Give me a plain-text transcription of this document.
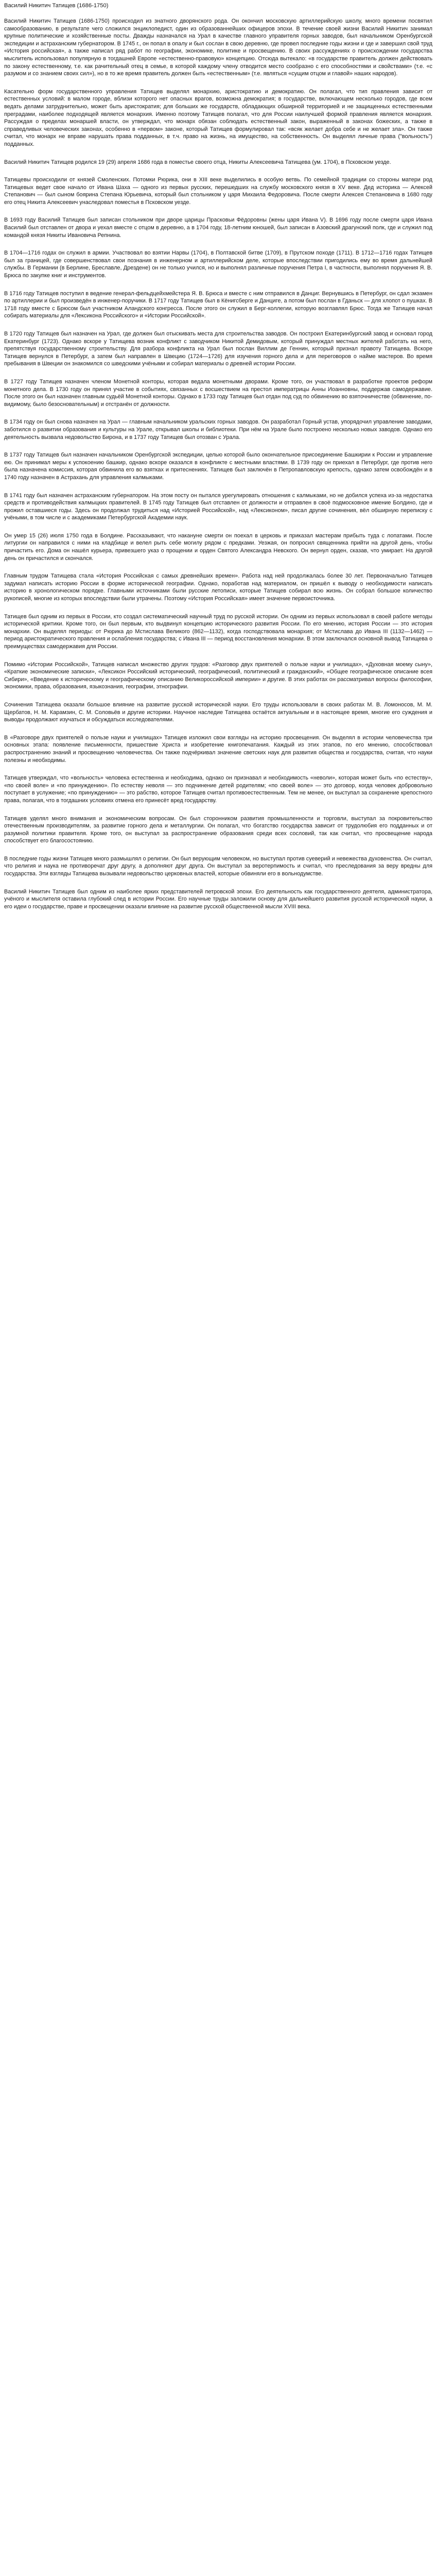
Василий Никитич Татищев (1686-1750)

Василий Никитич Татищев (1686-1750) происходил из знатного дворянского рода. Он окончил московскую артиллерийскую школу, много времени посвятил самообразованию, в результате чего сложился энциклопедист, один из образованнейших офицеров эпохи. В течение своей жизни Василий Никитич занимал крупные политические и хозяйственные посты. Дважды назначался на Урал в качестве главного управителя горных заводов, был начальником Оренбургской экспедиции и астраханским губернатором. В 1745 г., он попал в опалу и был сослан в свою деревню, где провел последние годы жизни и где и завершил свой труд «История российская», а также написал ряд работ по географии, экономике, политике и просвещению. В своих рассуждениях о происхождении государства мыслитель использовал популярную в тогдашней Европе «естественно-правовую» концепцию. Отсюда вытекало: «в государстве правитель должен действовать по закону естественному, т.е. как рачительный отец в семье, в которой каждому члену отводится место сообразно с его способностями и свойствами» (т.е. «с разумом и со знанием своих сил»), но в то же время правитель должен быть «естественным» (т.е. являться «сущим отцом и главой» наших народов).

Касательно форм государственного управления Татищев выделял монархию, аристократию и демократию. Он полагал, что тип правления зависит от естественных условий: в малом городе, вблизи которого нет опасных врагов, возможна демократия; в государстве, включающем несколько городов, где всем ведать делами затруднительно, может быть аристократия; для больших же государств, обладающих обширной территорией и не защищенных естественными преградами, наиболее подходящей является монархия. Именно поэтому Татищев полагал, что для России наилучшей формой правления является монархия. Рассуждая о пределах монаршей власти, он утверждал, что монарх обязан соблюдать естественный закон, выраженный в законах божеских, а также в справедливых человеческих законах, особенно в «первом» законе, который Татищев формулировал так: «всяк желает добра себе и не желает зла». Он также считал, что монарх не вправе нарушать права подданных, в т.ч. право на жизнь, на имущество, на собственность. Он выделял личные права ("вольность") подданных.

Василий Никитич Татищев родился 19 (29) апреля 1686 года в поместье своего отца, Никиты Алексеевича Татищева (ум. 1704), в Псковском уезде.

Татищевы происходили от князей Смоленских. Потомки Рюрика, они в XIII веке выделились в особую ветвь. По семейной традиции со стороны матери род Татищевых ведет свое начало от Ивана Шаха — одного из первых русских, перешедших на службу московского князя в XV веке. Дед историка — Алексей Степанович — был сыном боярина Степана Юрьевича, который был стольником у царя Михаила Федоровича. После смерти Алексея Степановича в 1680 году его отец Никита Алексеевич унаследовал поместья в Псковском уезде.

В 1693 году Василий Татищев был записан стольником при дворе царицы Прасковьи Фёдоровны (жены царя Ивана V). В 1696 году после смерти царя Ивана Василий был отставлен от двора и уехал вместе с отцом в деревню, а в 1704 году, 18-летним юношей, был записан в Азовский драгунский полк, где и служил под командой князя Никиты Ивановича Репнина.

В 1704—1716 годах он служил в армии. Участвовал во взятии Нарвы (1704), в Полтавской битве (1709), в Прутском походе (1711). В 1712—1716 годах Татищев был за границей, где совершенствовал свои познания в инженерном и артиллерийском деле, которые впоследствии пригодились ему во время дальнейшей службы. В Германии (в Берлине, Бреславле, Дрездене) он не только учился, но и выполнял различные поручения Петра I, в частности, выполнял поручения Я. В. Брюса по закупке книг и инструментов.

В 1716 году Татищев поступил в ведение генерал-фельдцейхмейстера Я. В. Брюса и вместе с ним отправился в Данциг. Вернувшись в Петербург, он сдал экзамен по артиллерии и был произведён в инженер-поручики. В 1717 году Татищев был в Кёнигсберге и Данциге, а потом был послан в Гданьск — для хлопот о пушках. В 1718 году вместе с Брюсом был участником Аландского конгресса. После этого он служил в Берг-коллегии, которую возглавлял Брюс. Тогда же Татищев начал собирать материалы для «Лексикона Российского» и «Истории Российской».

В 1720 году Татищев был назначен на Урал, где должен был отыскивать места для строительства заводов. Он построил Екатеринбургский завод и основал город Екатеринбург (1723). Однако вскоре у Татищева возник конфликт с заводчиком Никитой Демидовым, который принуждал местных жителей работать на него, препятствуя государственному строительству. Для разбора конфликта на Урал был послан Виллим де Геннин, который признал правоту Татищева. Вскоре Татищев вернулся в Петербург, а затем был направлен в Швецию (1724—1726) для изучения горного дела и для переговоров о найме мастеров. Во время пребывания в Швеции он знакомился со шведскими учёными и собирал материалы о древней истории России.

В 1727 году Татищев назначен членом Монетной конторы, которая ведала монетными дворами. Кроме того, он участвовал в разработке проектов реформ монетного дела. В 1730 году он принял участие в событиях, связанных с восшествием на престол императрицы Анны Иоанновны, поддержав самодержавие. После этого он был назначен главным судьёй Монетной конторы. Однако в 1733 году Татищев был отдан под суд по обвинению во взяточничестве (обвинение, по-видимому, было безосновательным) и отстранён от должности.

В 1734 году он был снова назначен на Урал — главным начальником уральских горных заводов. Он разработал Горный устав, упорядочил управление заводами, заботился о развитии образования и культуры на Урале, открывал школы и библиотеки. При нём на Урале было построено несколько новых заводов. Однако его деятельность вызвала недовольство Бирона, и в 1737 году Татищев был отозван с Урала.

В 1737 году Татищев был назначен начальником Оренбургской экспедиции, целью которой было окончательное присоединение Башкирии к России и управление ею. Он принимал меры к успокоению башкир, однако вскоре оказался в конфликте с местными властями. В 1739 году он приехал в Петербург, где против него была назначена комиссия, которая обвинила его во взятках и притеснениях. Татищев был заключён в Петропавловскую крепость, однако затем освобождён и в 1740 году назначен в Астрахань для управления калмыками.

В 1741 году был назначен астраханским губернатором. На этом посту он пытался урегулировать отношения с калмыками, но не добился успеха из-за недостатка средств и противодействия калмыцких правителей. В 1745 году Татищев был отставлен от должности и отправлен в своё подмосковное имение Болдино, где и прожил оставшиеся годы. Здесь он продолжал трудиться над «Историей Российской», над «Лексиконом», писал другие сочинения, вёл обширную переписку с учёными, в том числе и с академиками Петербургской Академии наук.

Он умер 15 (26) июля 1750 года в Болдине. Рассказывают, что накануне смерти он поехал в церковь и приказал мастерам прибыть туда с лопатами. После литургии он направился с ними на кладбище и велел рыть себе могилу рядом с предками. Уезжая, он попросил священника прийти на другой день, чтобы причастить его. Дома он нашёл курьера, привезшего указ о прощении и орден Святого Александра Невского. Он вернул орден, сказав, что умирает. На другой день он причастился и скончался.

Главным трудом Татищева стала «История Российская с самых древнейших времен». Работа над ней продолжалась более 30 лет. Первоначально Татищев задумал написать историю России в форме исторической географии. Однако, поработав над материалом, он пришёл к выводу о необходимости написать историю в хронологическом порядке. Главными источниками были русские летописи, которые Татищев собирал всю жизнь. Он собрал большое количество рукописей, многие из которых впоследствии были утрачены. Поэтому «История Российская» имеет значение первоисточника.

Татищев был одним из первых в России, кто создал систематический научный труд по русской истории. Он одним из первых использовал в своей работе методы исторической критики. Кроме того, он был первым, кто выдвинул концепцию исторического развития России. По его мнению, история России — это история монархии. Он выделял периоды: от Рюрика до Мстислава Великого (862—1132), когда господствовала монархия; от Мстислава до Ивана III (1132—1462) — период аристократического правления и ослабления государства; с Ивана III — период восстановления монархии. В этом заключался основной вывод Татищева о преимуществах самодержавия для России.

Помимо «Истории Российской», Татищев написал множество других трудов: «Разговор двух приятелей о пользе науки и училищах», «Духовная моему сыну», «Краткие экономические записки», «Лексикон Российский исторический, географический, политический и гражданский», «Общее географическое описание всея Сибири», «Введение к историческому и географическому описанию Великороссийской империи» и другие. В этих работах он рассматривал вопросы философии, экономики, права, образования, языкознания, географии, этнографии.

Сочинения Татищева оказали большое влияние на развитие русской исторической науки. Его труды использовали в своих работах М. В. Ломоносов, М. М. Щербатов, Н. М. Карамзин, С. М. Соловьёв и другие историки. Научное наследие Татищева остаётся актуальным и в настоящее время, многие его суждения и выводы продолжают изучаться и обсуждаться исследователями.

В «Разговоре двух приятелей о пользе науки и училищах» Татищев изложил свои взгляды на историю просвещения. Он выделял в истории человечества три основных этапа: появление письменности, пришествие Христа и изобретение книгопечатания. Каждый из этих этапов, по его мнению, способствовал распространению знаний и просвещению человечества. Он также подчёркивал значение светских наук для развития общества и государства, считая, что науки полезны и необходимы.

Татищев утверждал, что «вольность» человека естественна и необходима, однако он признавал и необходимость «неволи», которая может быть «по естеству», «по своей воле» и «по принуждению». По естеству неволя — это подчинение детей родителям; «по своей воле» — это договор, когда человек добровольно поступает в услужение; «по принуждению» — это рабство, которое Татищев считал противоестественным. Тем не менее, он выступал за сохранение крепостного права, полагая, что в тогдашних условиях отмена его принесёт вред государству.

Татищев уделял много внимания и экономическим вопросам. Он был сторонником развития промышленности и торговли, выступал за покровительство отечественным производителям, за развитие горного дела и металлургии. Он полагал, что богатство государства зависит от трудолюбия его подданных и от разумной политики правителя. Кроме того, он выступал за распространение образования среди всех сословий, так как считал, что просвещение народа способствует его благосостоянию.

В последние годы жизни Татищев много размышлял о религии. Он был верующим человеком, но выступал против суеверий и невежества духовенства. Он считал, что религия и наука не противоречат друг другу, а дополняют друг друга. Он выступал за веротерпимость и считал, что преследования за веру вредны для государства. Эти взгляды Татищева вызывали недовольство церковных властей, которые обвиняли его в вольнодумстве.

Василий Никитич Татищев был одним из наиболее ярких представителей петровской эпохи. Его деятельность как государственного деятеля, администратора, учёного и мыслителя оставила глубокий след в истории России. Его научные труды заложили основу для дальнейшего развития русской исторической науки, а его идеи о государстве, праве и просвещении оказали влияние на развитие русской общественной мысли XVIII века.
